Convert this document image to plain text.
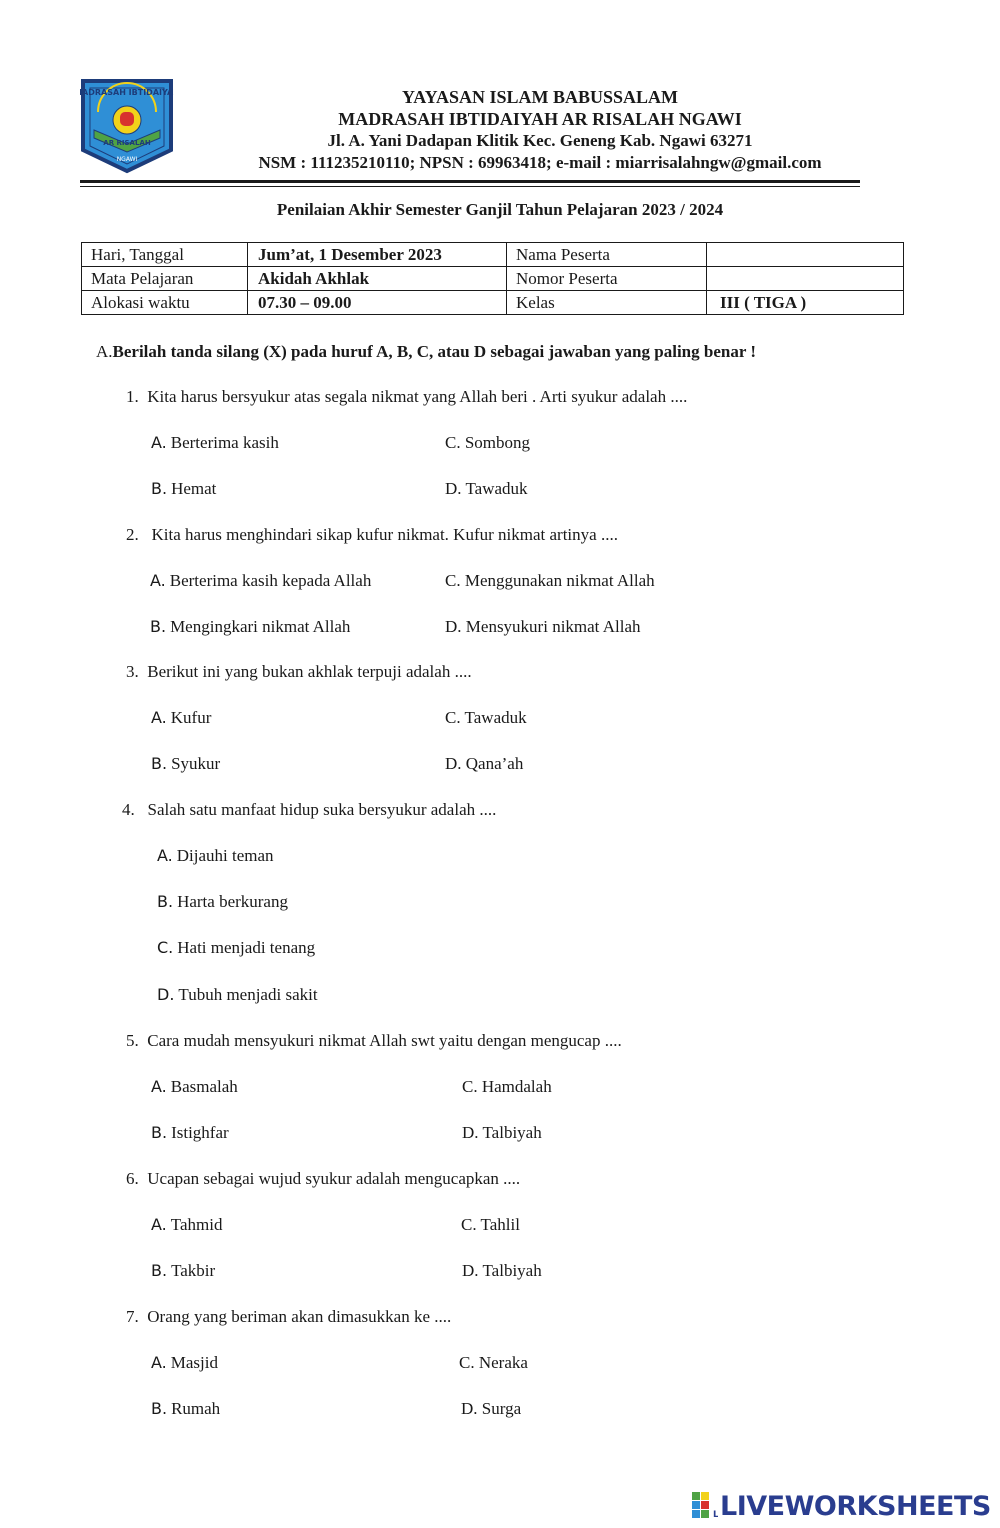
ADRASAH IBTIDAIYA
AR RISALAH
NGAWI
YAYASAN ISLAM BABUSSALAM
MADRASAH IBTIDAIYAH AR RISALAH NGAWI
Jl. A. Yani Dadapan Klitik Kec. Geneng Kab. Ngawi 63271
NSM : 111235210110; NPSN : 69963418; e-mail : miarrisalahngw@gmail.com
Penilaian Akhir Semester Ganjil Tahun Pelajaran 2023 / 2024
Hari, Tanggal	Jum’at, 1 Desember 2023	Nama Peserta	
Mata Pelajaran	Akidah Akhlak	Nomor Peserta	
Alokasi waktu	07.30 – 09.00	Kelas	III ( TIGA )
A.Berilah tanda silang (X) pada huruf A, B, C, atau D sebagai jawaban yang paling benar !
1. Kita harus bersyukur atas segala nikmat yang Allah beri . Arti syukur adalah ....
A. Berterima kasih	C. Sombong
B. Hemat	D. Tawaduk
2.   Kita harus menghindari sikap kufur nikmat. Kufur nikmat artinya ....
A. Berterima kasih kepada Allah	C. Menggunakan nikmat Allah
B. Mengingkari nikmat Allah	D. Mensyukuri nikmat Allah
3. Berikut ini yang bukan akhlak terpuji adalah ....
A. Kufur	C. Tawaduk
B. Syukur	D. Qana’ah
4. Salah satu manfaat hidup suka bersyukur adalah ....
A. Dijauhi teman
B. Harta berkurang
C. Hati menjadi tenang
D. Tubuh menjadi sakit
5. Cara mudah mensyukuri nikmat Allah swt yaitu dengan mengucap ....
A. Basmalah	C. Hamdalah
B. Istighfar	D. Talbiyah
6. Ucapan sebagai wujud syukur adalah mengucapkan ....
A. Tahmid	C. Tahlil
B. Takbir	D. Talbiyah
7. Orang yang beriman akan dimasukkan ke ....
A. Masjid	C. Neraka
B. Rumah	D. Surga
L LIVEWORKSHEETS
